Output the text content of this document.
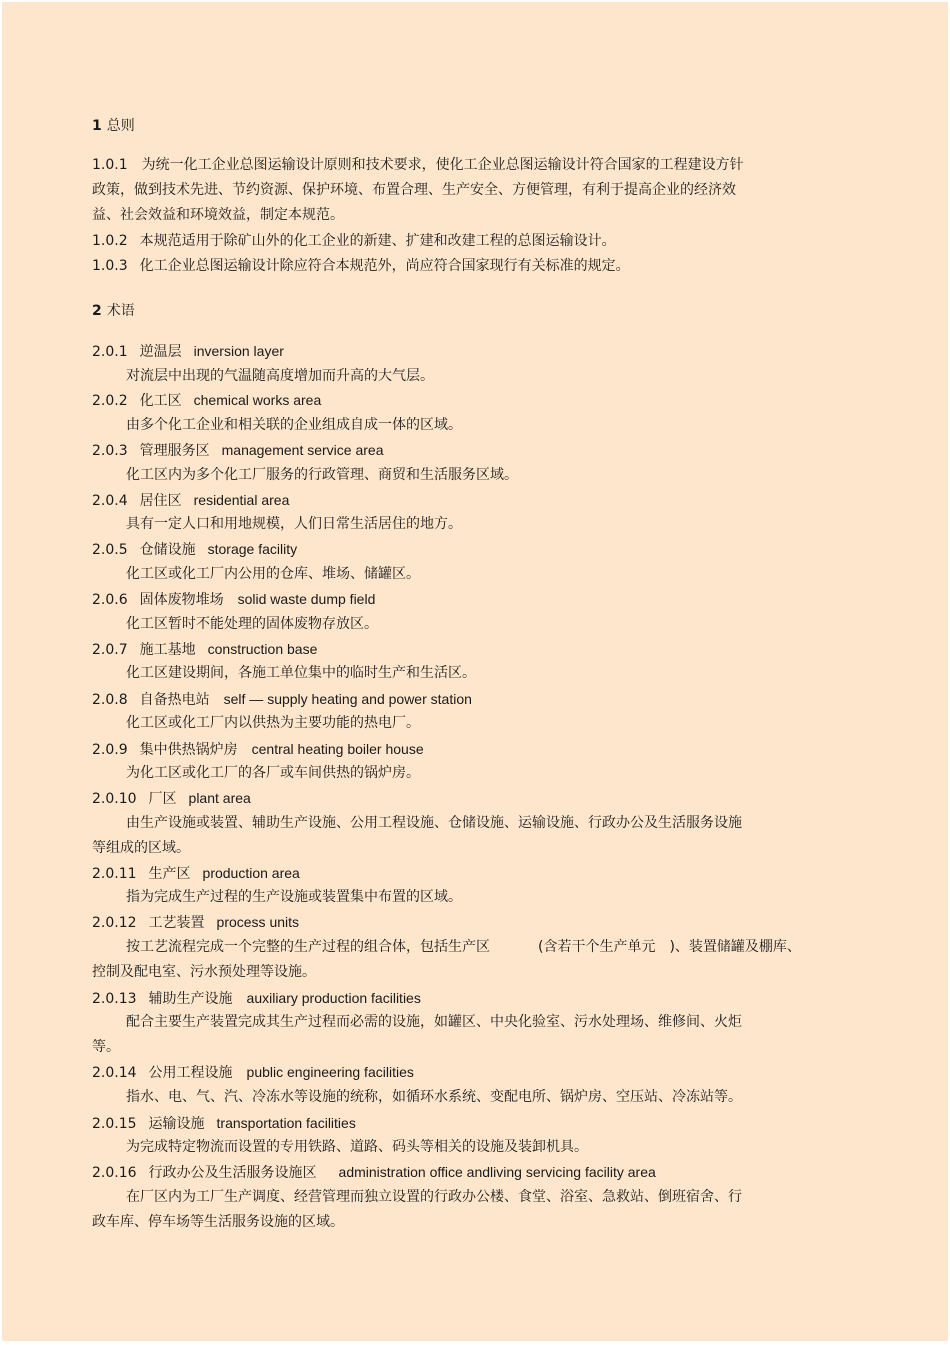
1 总则
1.0.1 为统一化工企业总图运输设计原则和技术要求，使化工企业总图运输设计符合国家的工程建设方针
政策，做到技术先进、节约资源、保护环境、布置合理、生产安全、方便管理，有利于提高企业的经济效
益、社会效益和环境效益，制定本规范。
1.0.2 本规范适用于除矿山外的化工企业的新建、扩建和改建工程的总图运输设计。
1.0.3 化工企业总图运输设计除应符合本规范外，尚应符合国家现行有关标准的规定。
2 术语
2.0.1 逆温层 inversion layer
对流层中出现的气温随高度增加而升高的大气层。
2.0.2 化工区 chemical works area
由多个化工企业和相关联的企业组成自成一体的区域。
2.0.3 管理服务区 management service area
化工区内为多个化工厂服务的行政管理、商贸和生活服务区域。
2.0.4 居住区 residential area
具有一定人口和用地规模，人们日常生活居住的地方。
2.0.5 仓储设施 storage facility
化工区或化工厂内公用的仓库、堆场、储罐区。
2.0.6 固体废物堆场 solid waste dump field
化工区暂时不能处理的固体废物存放区。
2.0.7 施工基地 construction base
化工区建设期间，各施工单位集中的临时生产和生活区。
2.0.8 自备热电站 self — supply heating and power station
化工区或化工厂内以供热为主要功能的热电厂。
2.0.9 集中供热锅炉房 central heating boiler house
为化工区或化工厂的各厂或车间供热的锅炉房。
2.0.10 厂区 plant area
由生产设施或装置、辅助生产设施、公用工程设施、仓储设施、运输设施、行政办公及生活服务设施
等组成的区域。
2.0.11 生产区 production area
指为完成生产过程的生产设施或装置集中布置的区域。
2.0.12 工艺装置 process units
按工艺流程完成一个完整的生产过程的组合体，包括生产区	(含若干个生产单元 )、装置储罐及棚库、
控制及配电室、污水预处理等设施。
2.0.13 辅助生产设施 auxiliary production facilities
配合主要生产装置完成其生产过程而必需的设施，如罐区、中央化验室、污水处理场、维修间、火炬
等。
2.0.14 公用工程设施 public engineering facilities
指水、电、气、汽、冷冻水等设施的统称，如循环水系统、变配电所、锅炉房、空压站、冷冻站等。
2.0.15 运输设施 transportation facilities
为完成特定物流而设置的专用铁路、道路、码头等相关的设施及装卸机具。
2.0.16 行政办公及生活服务设施区 administration office andliving servicing facility area
在厂区内为工厂生产调度、经营管理而独立设置的行政办公楼、食堂、浴室、急救站、倒班宿舍、行
政车库、停车场等生活服务设施的区域。
